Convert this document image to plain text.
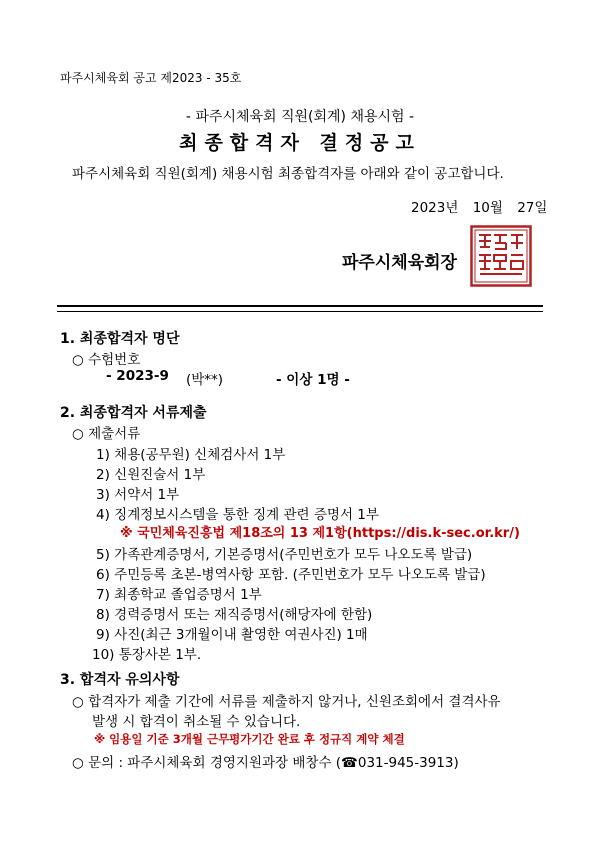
파주시체육회 공고 제2023 - 35호
- 파주시체육회 직원(회계) 채용시험 -
최종합격자 결정공고
파주시체육회 직원(회계) 채용시험 최종합격자를 아래와 같이 공고합니다.
2023년 10월 27일
파주시체육회장
1. 최종합격자 명단
○ 수험번호
- 2023-9 (박**)	- 이상 1명 -
2. 최종합격자 서류제출
○ 제출서류
1) 채용(공무원) 신체검사서 1부
2) 신원진술서 1부
3) 서약서 1부
4) 징계정보시스템을 통한 징계 관련 증명서 1부
※ 국민체육진흥법 제18조의 13 제1항(https://dis.k-sec.or.kr/)
5) 가족관계증명서, 기본증명서(주민번호가 모두 나오도록 발급)
6) 주민등록 초본-병역사항 포함. (주민번호가 모두 나오도록 발급)
7) 최종학교 졸업증명서 1부
8) 경력증명서 또는 재직증명서(해당자에 한함)
9) 사진(최근 3개월이내 촬영한 여권사진) 1매
10) 통장사본 1부.
3. 합격자 유의사항
○ 합격자가 제출 기간에 서류를 제출하지 않거나, 신원조회에서 결격사유
발생 시 합격이 취소될 수 있습니다.
※ 임용일 기준 3개월 근무평가기간 완료 후 정규직 계약 체결
○ 문의 : 파주시체육회 경영지원과장 배창수 (☎031-945-3913)
